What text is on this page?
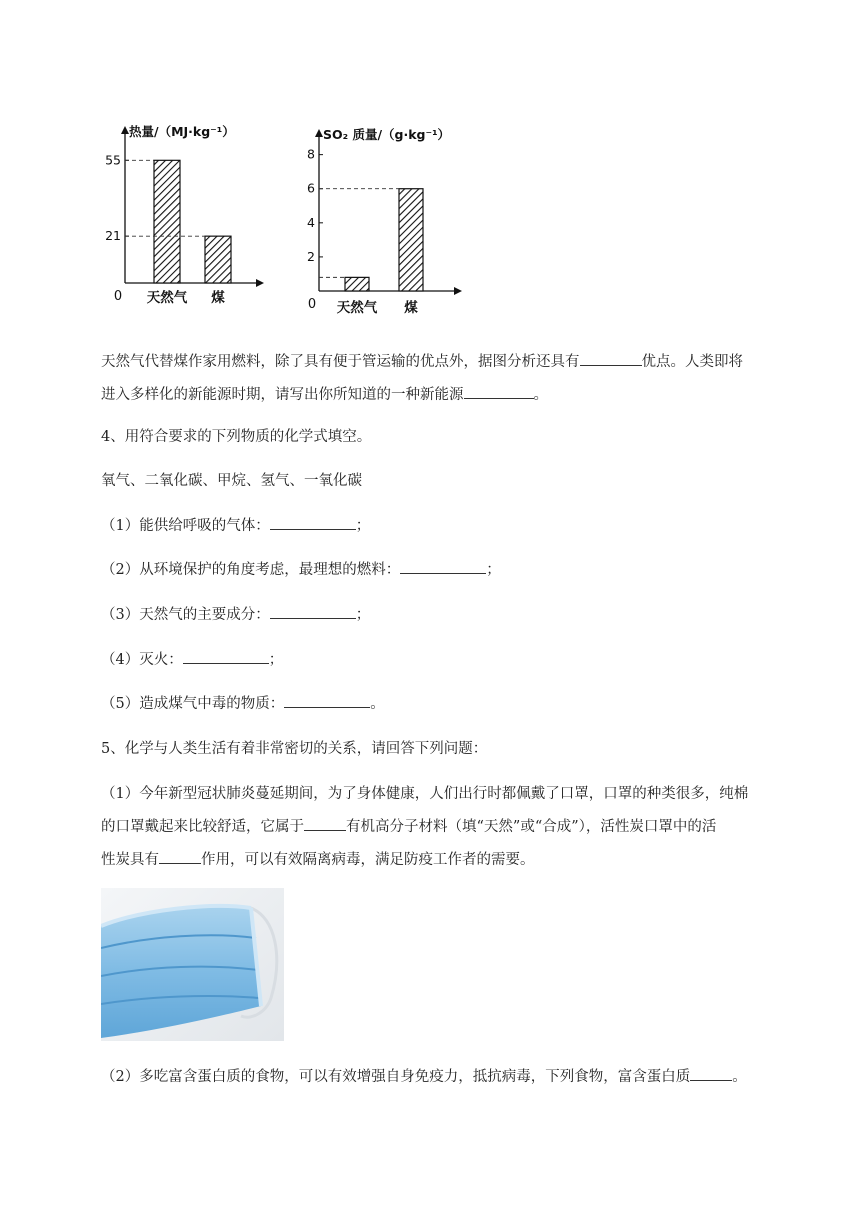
热量/（MJ·kg⁻¹）
0
55
21
天然气 煤
SO₂ 质量/（g·kg⁻¹）
0
2
4
6
8
天然气 煤
天然气代替煤作家用燃料，除了具有便于管运输的优点外，据图分析还具有	优点。人类即将
进入多样化的新能源时期，请写出你所知道的一种新能源	。

4、用符合要求的下列物质的化学式填空。

氧气、二氧化碳、甲烷、氢气、一氧化碳

（1）能供给呼吸的气体：	；
（2）从环境保护的角度考虑，最理想的燃料：	；
（3）天然气的主要成分：	；
（4）灭火：	；
（5）造成煤气中毒的物质：	。

5、化学与人类生活有着非常密切的关系，请回答下列问题：

（1）今年新型冠状肺炎蔓延期间，为了身体健康，人们出行时都佩戴了口罩，口罩的种类很多，纯棉
的口罩戴起来比较舒适，它属于	有机高分子材料（填“天然”或“合成”），活性炭口罩中的活
性炭具有	作用，可以有效隔离病毒，满足防疫工作者的需要。
（2）多吃富含蛋白质的食物，可以有效增强自身免疫力，抵抗病毒，下列食物，富含蛋白质	。
